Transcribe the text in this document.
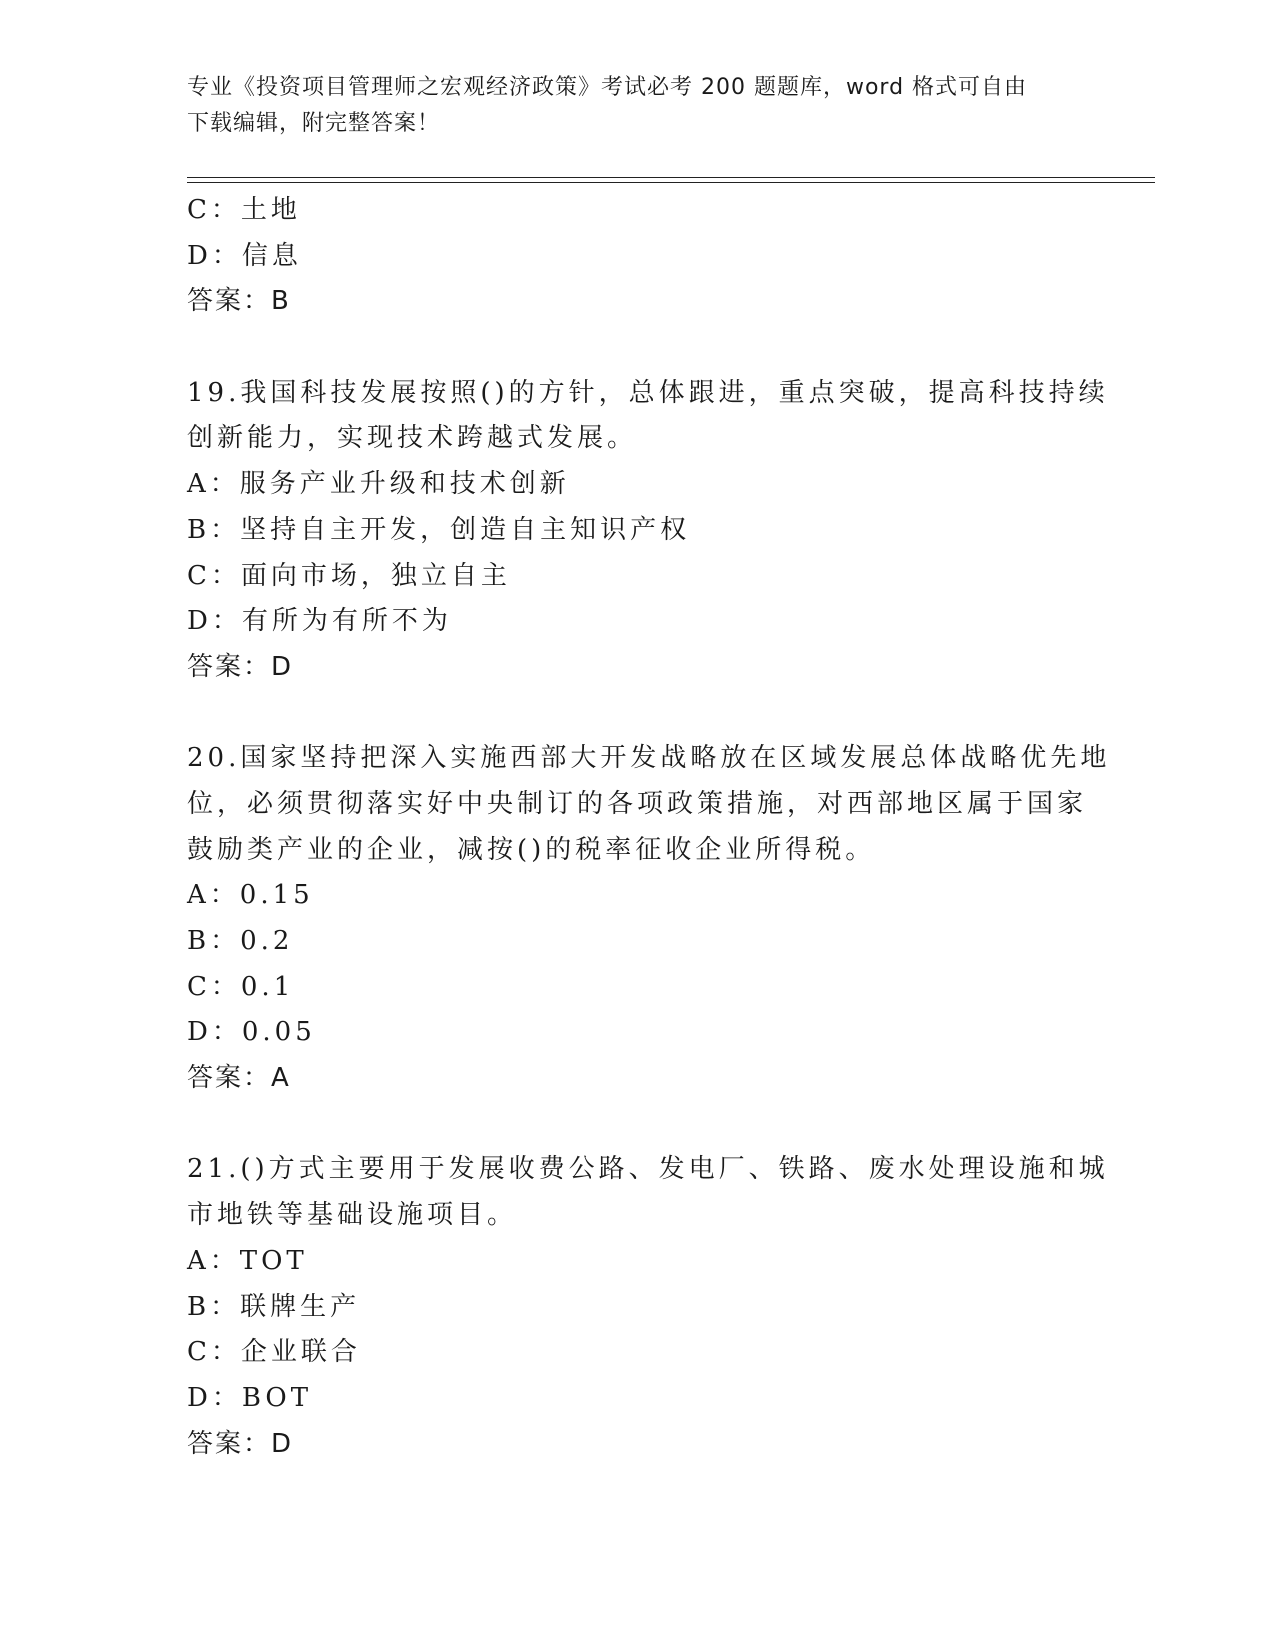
专业《投资项目管理师之宏观经济政策》考试必考 200 题题库，word 格式可自由
下载编辑，附完整答案！
C：土地
D：信息
答案：B
19.我国科技发展按照()的方针，总体跟进，重点突破，提高科技持续
创新能力，实现技术跨越式发展。
A：服务产业升级和技术创新
B：坚持自主开发，创造自主知识产权
C：面向市场，独立自主
D：有所为有所不为
答案：D
20.国家坚持把深入实施西部大开发战略放在区域发展总体战略优先地
位，必须贯彻落实好中央制订的各项政策措施，对西部地区属于国家
鼓励类产业的企业，减按()的税率征收企业所得税。
A：0.15
B：0.2
C：0.1
D：0.05
答案：A
21.()方式主要用于发展收费公路、发电厂、铁路、废水处理设施和城
市地铁等基础设施项目。
A：TOT
B：联牌生产
C：企业联合
D：BOT
答案：D
